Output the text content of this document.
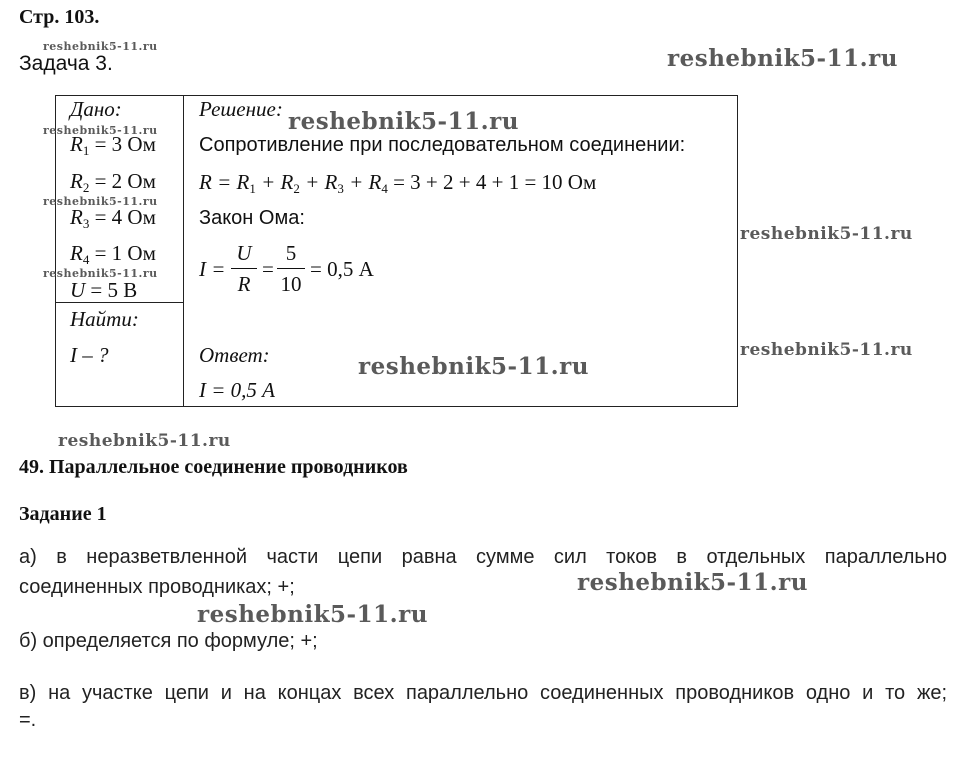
Стр. 103.
reshebnik5-11.ru
Задача 3.	reshebnik5-11.ru
Дано:
reshebnik5-11.ru
$R_1 = 3$ Ом
$R_2 = 2$ Ом
reshebnik5-11.ru
$R_3 = 4$ Ом
$R_4 = 1$ Ом
reshebnik5-11.ru
U = 5 В
Найти:
I – ?
Решение: reshebnik5-11.ru
Сопротивление при последовательном соединении:
$R = R_1 + R_2 + R_3 + R_4 = 3 + 2 + 4 + 1 = 10$ Ом
Закон Ома:
I =
U
R
=
5
10
= 0,5 А
Ответ:	reshebnik5-11.ru
I = 0,5 А
reshebnik5-11.ru
reshebnik5-11.ru
reshebnik5-11.ru
49. Параллельное соединение проводников
Задание 1
а) в неразветвленной части цепи равна сумме сил токов в отдельных параллельно
соединенных проводниках; +;	reshebnik5-11.ru
reshebnik5-11.ru
б) определяется по формуле; +;
в) на участке цепи и на концах всех параллельно соединенных проводников одно и то же;
=.
